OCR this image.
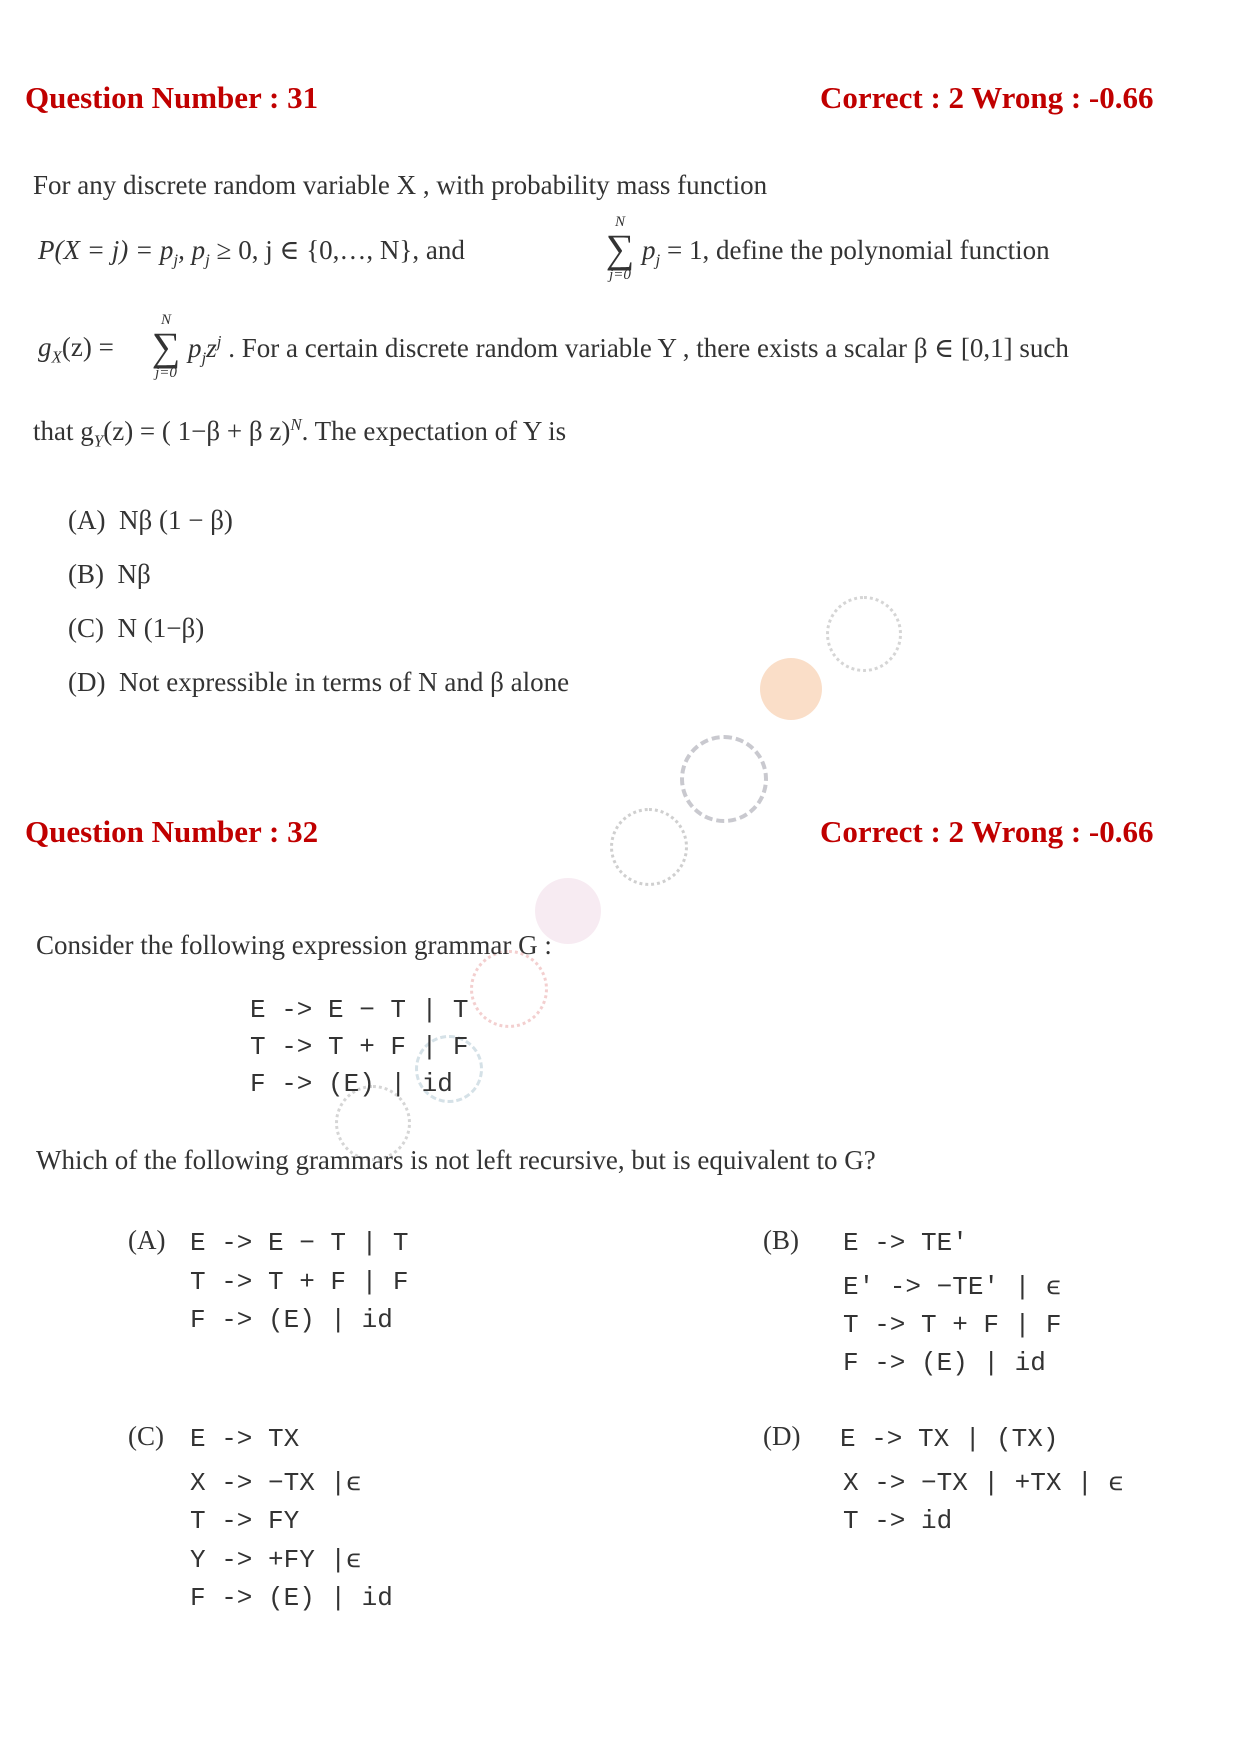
Question Number : 31	Correct : 2 Wrong : -0.66
For any discrete random variable X , with probability mass function
$P(X = j) = p_j$, $p_j \ge 0$, j ∈ {0,…, N}, and
N
∑
j=0
$p_j = 1$, define the polynomial function
$g_X(z)$ =
N
∑
j=0
$p_jz^j$ . For a certain discrete random variable Y , there exists a scalar β ∈ [0,1] such
that $g_Y(z)$ = ( 1−β + β z)$^N$. The expectation of Y is
(A) Nβ (1 − β)
(B) Nβ
(C) N (1−β)
(D) Not expressible in terms of N and β alone
Question Number : 32	Correct : 2 Wrong : -0.66
Consider the following expression grammar G :
E -> E − T | T
T -> T + F | F
F -> (E) | id
Which of the following grammars is not left recursive, but is equivalent to G?
(A) E -> E − T | T
T -> T + F | F
F -> (E) | id
(B) E -> TE′
E′ -> −TE′ | ϵ
T -> T + F | F
F -> (E) | id
(C) E -> TX
X -> −TX |ϵ
T -> FY
Y -> +FY |ϵ
F -> (E) | id
(D) E -> TX | (TX)
X -> −TX | +TX | ϵ
T -> id
